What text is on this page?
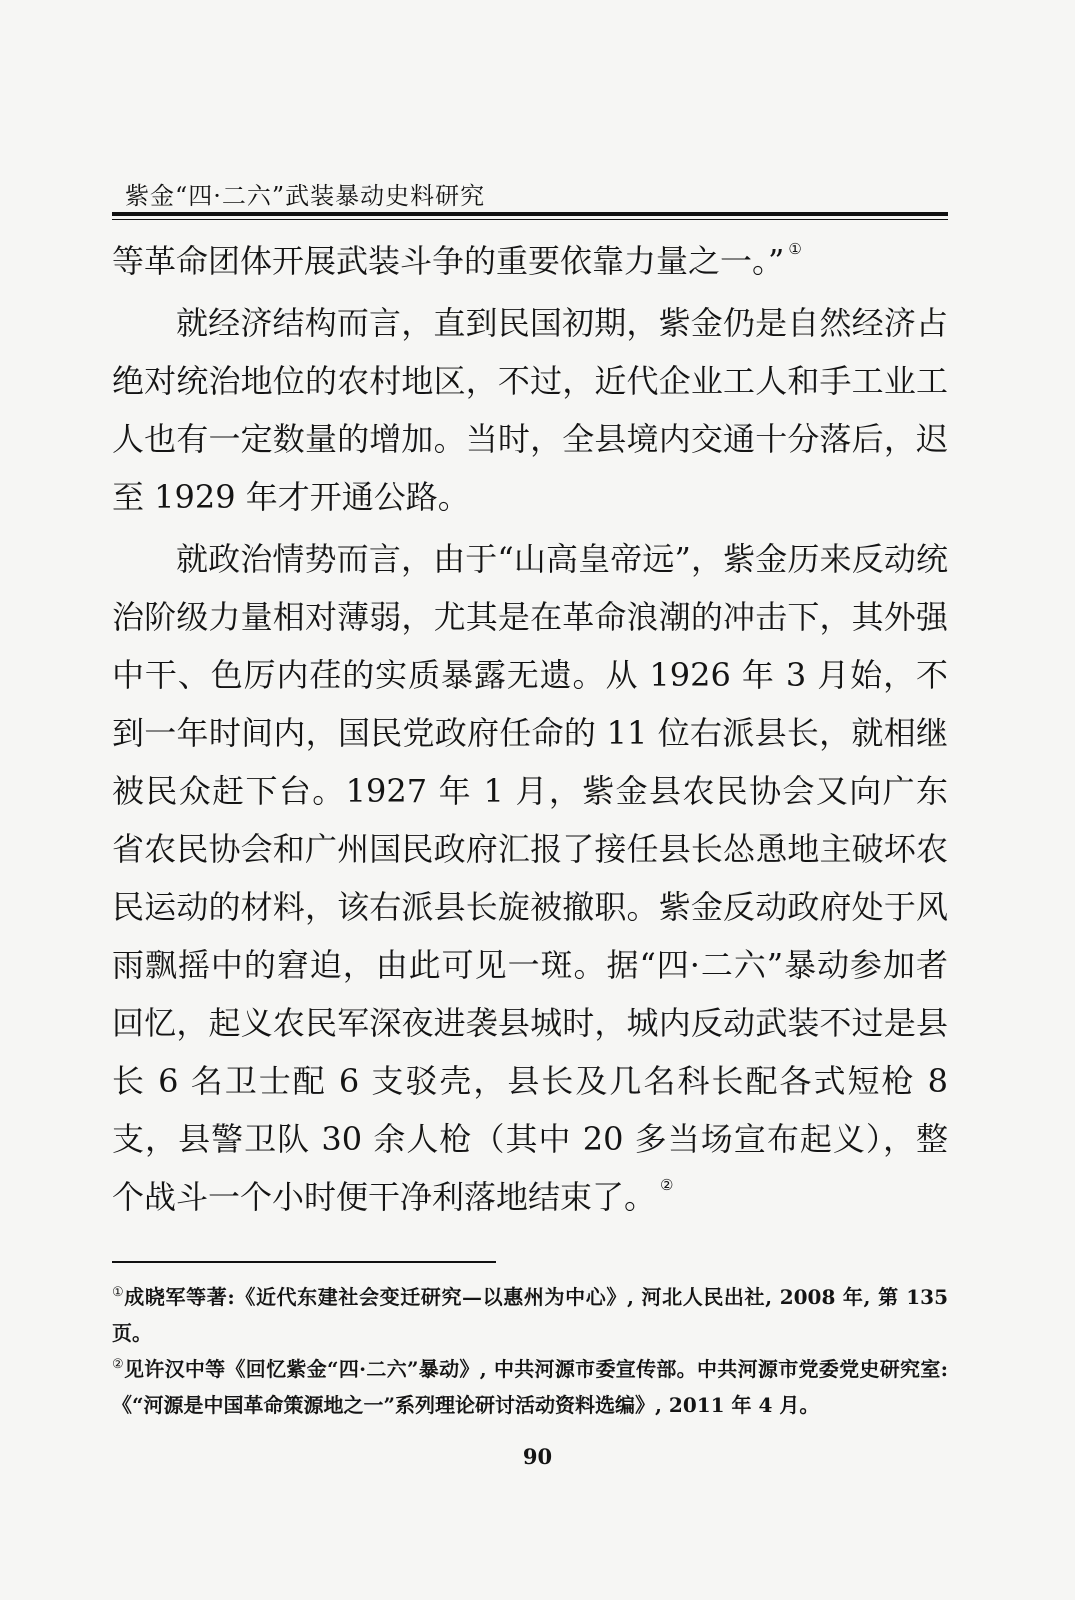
紫金“四·二六”武装暴动史料研究

等革命团体开展武装斗争的重要依靠力量之一。” ①

就经济结构而言，直到民国初期，紫金仍是自然经济占绝对统治地位的农村地区，不过，近代企业工人和手工业工人也有一定数量的增加。当时，全县境内交通十分落后，迟至 1929 年才开通公路。

就政治情势而言，由于“山高皇帝远”，紫金历来反动统治阶级力量相对薄弱，尤其是在革命浪潮的冲击下，其外强中干、色厉内荏的实质暴露无遗。从 1926 年 3 月始，不到一年时间内，国民党政府任命的 11 位右派县长，就相继被民众赶下台。1927 年 1 月，紫金县农民协会又向广东省农民协会和广州国民政府汇报了接任县长怂恿地主破坏农民运动的材料，该右派县长旋被撤职。紫金反动政府处于风雨飘摇中的窘迫，由此可见一斑。据“四·二六”暴动参加者回忆，起义农民军深夜进袭县城时，城内反动武装不过是县长 6 名卫士配 6 支驳壳，县长及几名科长配各式短枪 8 支，县警卫队 30 余人枪（其中 20 多当场宣布起义），整个战斗一个小时便干净利落地结束了。 ②

①成晓军等著:《近代东建社会变迁研究—以惠州为中心》, 河北人民出社, 2008 年, 第 135 页。

②见许汉中等《回忆紫金“四·二六”暴动》, 中共河源市委宣传部。中共河源市党委党史研究室:《“河源是中国革命策源地之一”系列理论研讨活动资料选编》, 2011 年 4 月。

90
